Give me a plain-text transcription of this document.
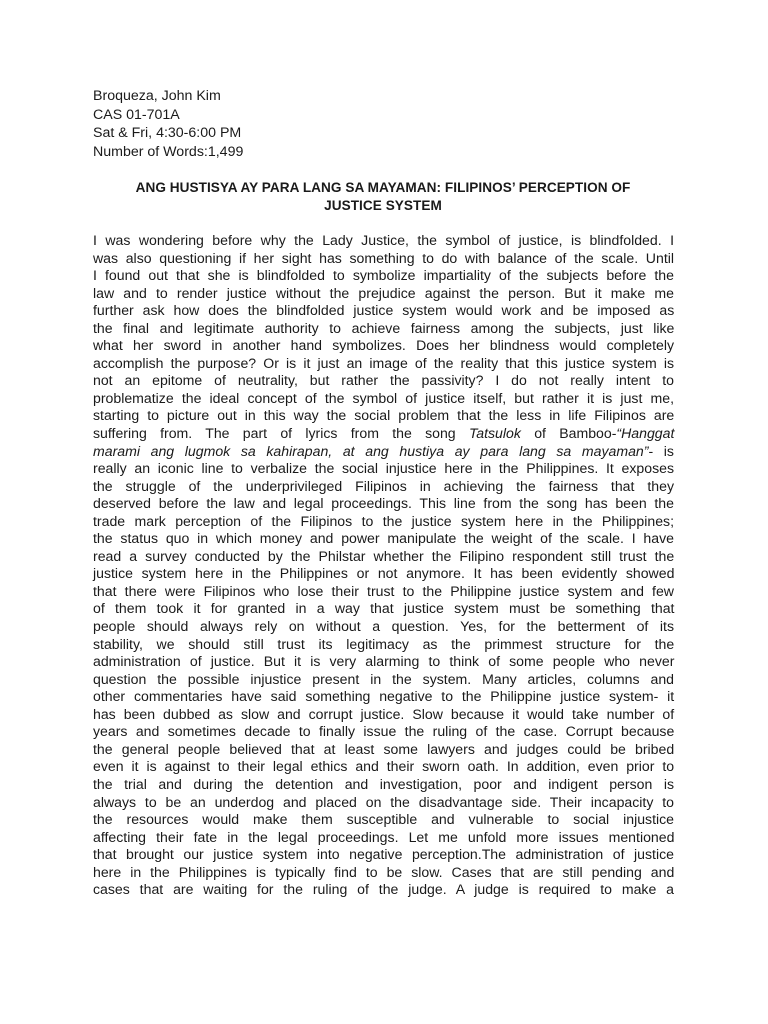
Broqueza, John Kim
CAS 01-701A
Sat & Fri, 4:30-6:00 PM
Number of Words:1,499
ANG HUSTISYA AY PARA LANG SA MAYAMAN: FILIPINOS’ PERCEPTION OF
JUSTICE SYSTEM
I was wondering before why the Lady Justice, the symbol of justice, is blindfolded. I
was also questioning if her sight has something to do with balance of the scale. Until
I found out that she is blindfolded to symbolize impartiality of the subjects before the
law and to render justice without the prejudice against the person. But it make me
further ask how does the blindfolded justice system would work and be imposed as
the final and legitimate authority to achieve fairness among the subjects, just like
what her sword in another hand symbolizes. Does her blindness would completely
accomplish the purpose? Or is it just an image of the reality that this justice system is
not an epitome of neutrality, but rather the passivity? I do not really intent to
problematize the ideal concept of the symbol of justice itself, but rather it is just me,
starting to picture out in this way the social problem that the less in life Filipinos are
suffering from. The part of lyrics from the song Tatsulok of Bamboo-“Hanggat
marami ang lugmok sa kahirapan, at ang hustiya ay para lang sa mayaman”- is
really an iconic line to verbalize the social injustice here in the Philippines. It exposes
the struggle of the underprivileged Filipinos in achieving the fairness that they
deserved before the law and legal proceedings. This line from the song has been the
trade mark perception of the Filipinos to the justice system here in the Philippines;
the status quo in which money and power manipulate the weight of the scale. I have
read a survey conducted by the Philstar whether the Filipino respondent still trust the
justice system here in the Philippines or not anymore. It has been evidently showed
that there were Filipinos who lose their trust to the Philippine justice system and few
of them took it for granted in a way that justice system must be something that
people should always rely on without a question. Yes, for the betterment of its
stability, we should still trust its legitimacy as the primmest structure for the
administration of justice. But it is very alarming to think of some people who never
question the possible injustice present in the system. Many articles, columns and
other commentaries have said something negative to the Philippine justice system- it
has been dubbed as slow and corrupt justice. Slow because it would take number of
years and sometimes decade to finally issue the ruling of the case. Corrupt because
the general people believed that at least some lawyers and judges could be bribed
even it is against to their legal ethics and their sworn oath. In addition, even prior to
the trial and during the detention and investigation, poor and indigent person is
always to be an underdog and placed on the disadvantage side. Their incapacity to
the resources would make them susceptible and vulnerable to social injustice
affecting their fate in the legal proceedings. Let me unfold more issues mentioned
that brought our justice system into negative perception.The administration of justice
here in the Philippines is typically find to be slow. Cases that are still pending and
cases that are waiting for the ruling of the judge. A judge is required to make a
